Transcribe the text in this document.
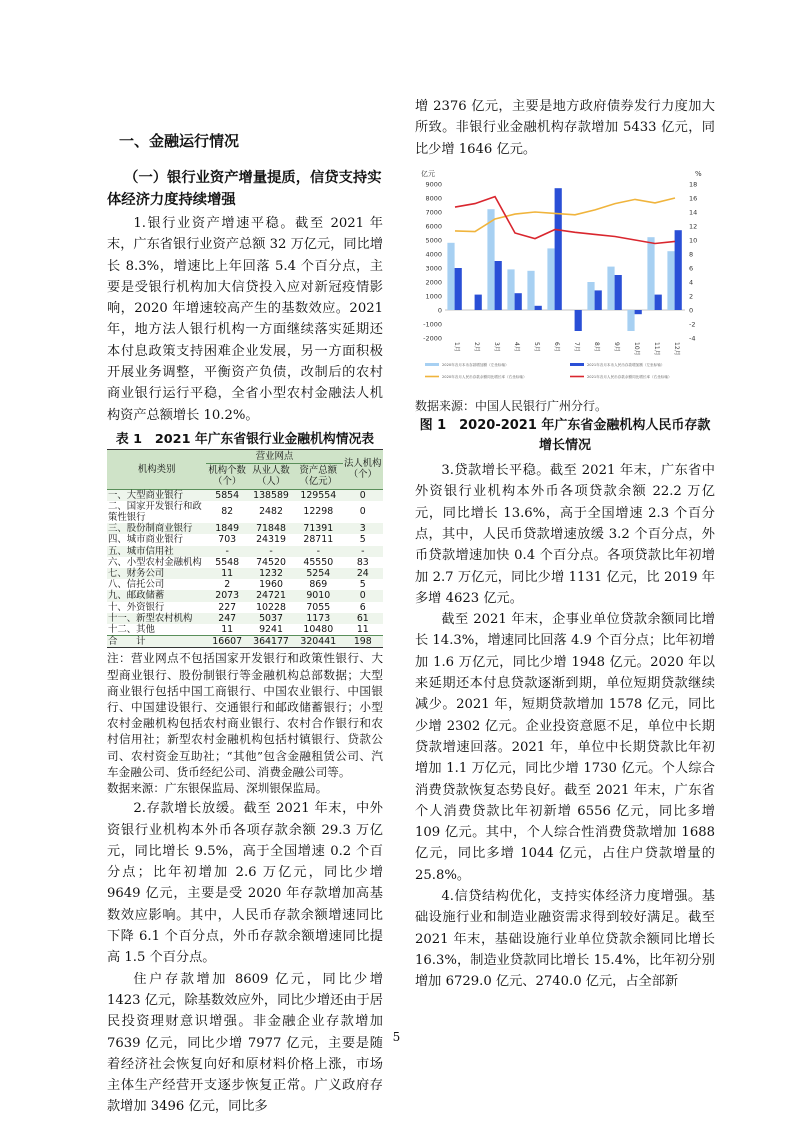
一、金融运行情况
（一）银行业资产增量提质，信贷支持实体经济力度持续增强

1.银行业资产增速平稳。截至 2021 年末，广东省银行业资产总额 32 万亿元，同比增长 8.3%，增速比上年回落 5.4 个百分点，主要是受银行机构加大信贷投入应对新冠疫情影响，2020 年增速较高产生的基数效应。2021 年，地方法人银行机构一方面继续落实延期还本付息政策支持困难企业发展，另一方面积极开展业务调整，平衡资产负债，改制后的农村商业银行运行平稳，全省小型农村金融法人机构资产总额增长 10.2%。

表 1　2021 年广东省银行业金融机构情况表
机构类别	营业网点			法人机构（个）
	机构个数（个）	从业人数（人）	资产总额（亿元）	
一、大型商业银行	5854	138589	129554	0
二、国家开发银行和政策性银行	82	2482	12298	0
三、股份制商业银行	1849	71848	71391	3
四、城市商业银行	703	24319	28711	5
五、城市信用社	-	-	-	-
六、小型农村金融机构	5548	74520	45550	83
七、财务公司	11	1232	5254	24
八、信托公司	2	1960	869	5
九、邮政储蓄	2073	24721	9010	0
十、外资银行	227	10228	7055	6
十一、新型农村机构	247	5037	1173	61
十二、其他	11	9241	10480	11
合　　计	16607	364177	320441	198

注：营业网点不包括国家开发银行和政策性银行、大型商业银行、股份制银行等金融机构总部数据；大型商业银行包括中国工商银行、中国农业银行、中国银行、中国建设银行、交通银行和邮政储蓄银行；小型农村金融机构包括农村商业银行、农村合作银行和农村信用社；新型农村金融机构包括村镇银行、贷款公司、农村资金互助社；“其他”包含金融租赁公司、汽车金融公司、货币经纪公司、消费金融公司等。

数据来源：广东银保监局、深圳银保监局。

2.存款增长放缓。截至 2021 年末，中外资银行业机构本外币各项存款余额 29.3 万亿元，同比增长 9.5%，高于全国增速 0.2 个百分点；比年初增加 2.6 万亿元，同比少增 9649 亿元，主要是受 2020 年存款增加高基数效应影响。其中，人民币存款余额增速同比下降 6.1 个百分点，外币存款余额增速同比提高 1.5 个百分点。

住户存款增加 8609 亿元，同比少增 1423 亿元，除基数效应外，同比少增还由于居民投资理财意识增强。非金融企业存款增加 7639 亿元，同比少增 7977 亿元，主要是随着经济社会恢复向好和原材料价格上涨，市场主体生产经营开支逐步恢复正常。广义政府存款增加 3496 亿元，同比多

增 2376 亿元，主要是地方政府债券发行力度加大所致。非银行业金融机构存款增加 5433 亿元，同比少增 1646 亿元。

亿元	%
-2000
-1000
0
1000
2000
3000
4000
5000
6000
7000
8000
9000
-4
-2
0
2
4
6
8
10
12
14
16
18
1月 2月 3月 4月 5月 6月 7月 8月 9月 10月 11月 12月
2020年各月本币存款增加额（左坐标轴）	2021年各月本币人民币存款增加额（左坐标轴）
2020年各月人民币存款余额同比增长率（右坐标轴）	2021年各月人民币存款余额同比增长率（右坐标轴）

数据来源：中国人民银行广州分行。

图 1　2020-2021 年广东省金融机构人民币存款增长情况

3.贷款增长平稳。截至 2021 年末，广东省中外资银行业机构本外币各项贷款余额 22.2 万亿元，同比增长 13.6%，高于全国增速 2.3 个百分点，其中，人民币贷款增速放缓 3.2 个百分点，外币贷款增速加快 0.4 个百分点。各项贷款比年初增加 2.7 万亿元，同比少增 1131 亿元，比 2019 年多增 4623 亿元。

截至 2021 年末，企事业单位贷款余额同比增长 14.3%，增速同比回落 4.9 个百分点；比年初增加 1.6 万亿元，同比少增 1948 亿元。2020 年以来延期还本付息贷款逐渐到期，单位短期贷款继续减少。2021 年，短期贷款增加 1578 亿元，同比少增 2302 亿元。企业投资意愿不足，单位中长期贷款增速回落。2021 年，单位中长期贷款比年初增加 1.1 万亿元，同比少增 1730 亿元。个人综合消费贷款恢复态势良好。截至 2021 年末，广东省个人消费贷款比年初新增 6556 亿元，同比多增 109 亿元。其中，个人综合性消费贷款增加 1688 亿元，同比多增 1044 亿元，占住户贷款增量的 25.8%。

4.信贷结构优化，支持实体经济力度增强。基础设施行业和制造业融资需求得到较好满足。截至 2021 年末，基础设施行业单位贷款余额同比增长 16.3%，制造业贷款同比增长 15.4%，比年初分别增加 6729.0 亿元、2740.0 亿元，占全部新

5
